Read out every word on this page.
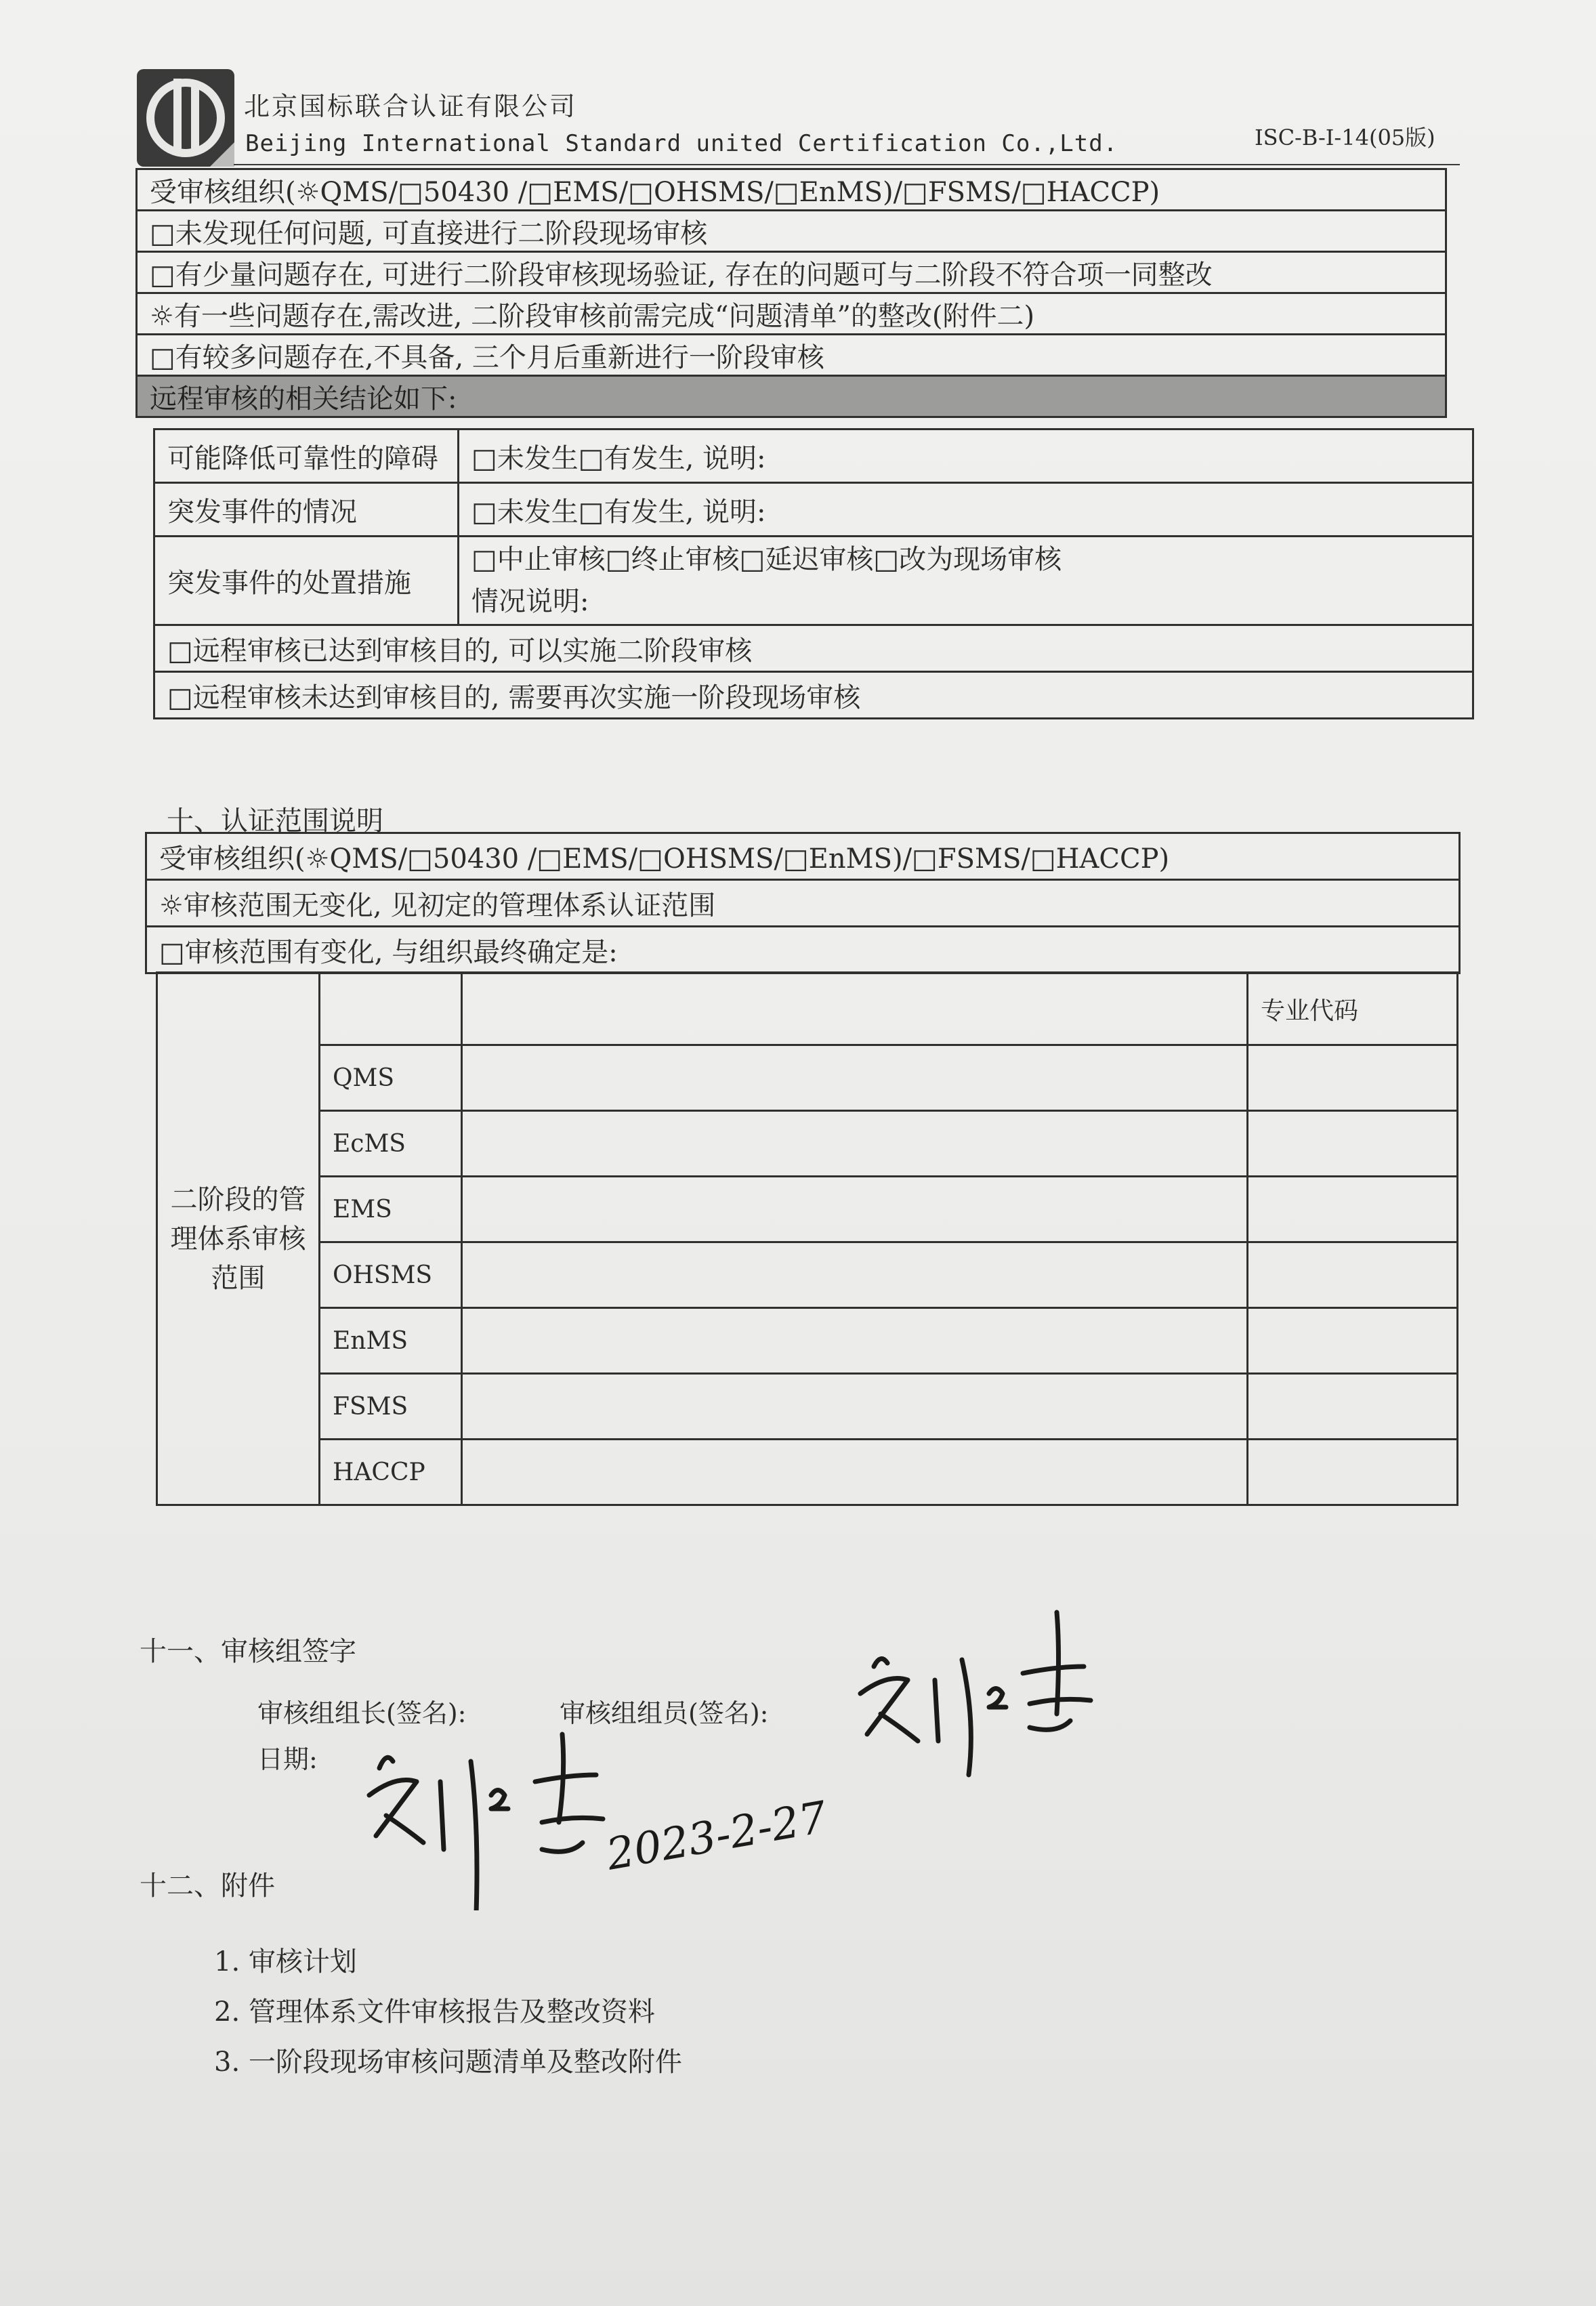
北京国标联合认证有限公司
Beijing International Standard united Certification Co.,Ltd.	ISC-B-I-14(05版)
受审核组织(☼QMS/□50430 /□EMS/□OHSMS/□EnMS)/□FSMS/□HACCP)
□未发现任何问题, 可直接进行二阶段现场审核
□有少量问题存在, 可进行二阶段审核现场验证, 存在的问题可与二阶段不符合项一同整改
☼有一些问题存在,需改进, 二阶段审核前需完成“问题清单”的整改(附件二)
□有较多问题存在,不具备, 三个月后重新进行一阶段审核
远程审核的相关结论如下:
可能降低可靠性的障碍	□未发生□有发生, 说明:
突发事件的情况	□未发生□有发生, 说明:
突发事件的处置措施	□中止审核□终止审核□延迟审核□改为现场审核
情况说明:

□远程审核已达到审核目的, 可以实施二阶段审核	
□远程审核未达到审核目的, 需要再次实施一阶段现场审核	
十、认证范围说明
受审核组织(☼QMS/□50430 /□EMS/□OHSMS/□EnMS)/□FSMS/□HACCP)
☼审核范围无变化, 见初定的管理体系认证范围
□审核范围有变化, 与组织最终确定是:
二阶段的管理体系审核范围			专业代码
	QMS		
	EcMS		
	EMS		
	OHSMS		
	EnMS		
	FSMS		
	HACCP		
十一、审核组签字
审核组组长(签名):	审核组组员(签名):
日期:
2023-2-27
十二、附件
1. 审核计划
2. 管理体系文件审核报告及整改资料
3. 一阶段现场审核问题清单及整改附件
